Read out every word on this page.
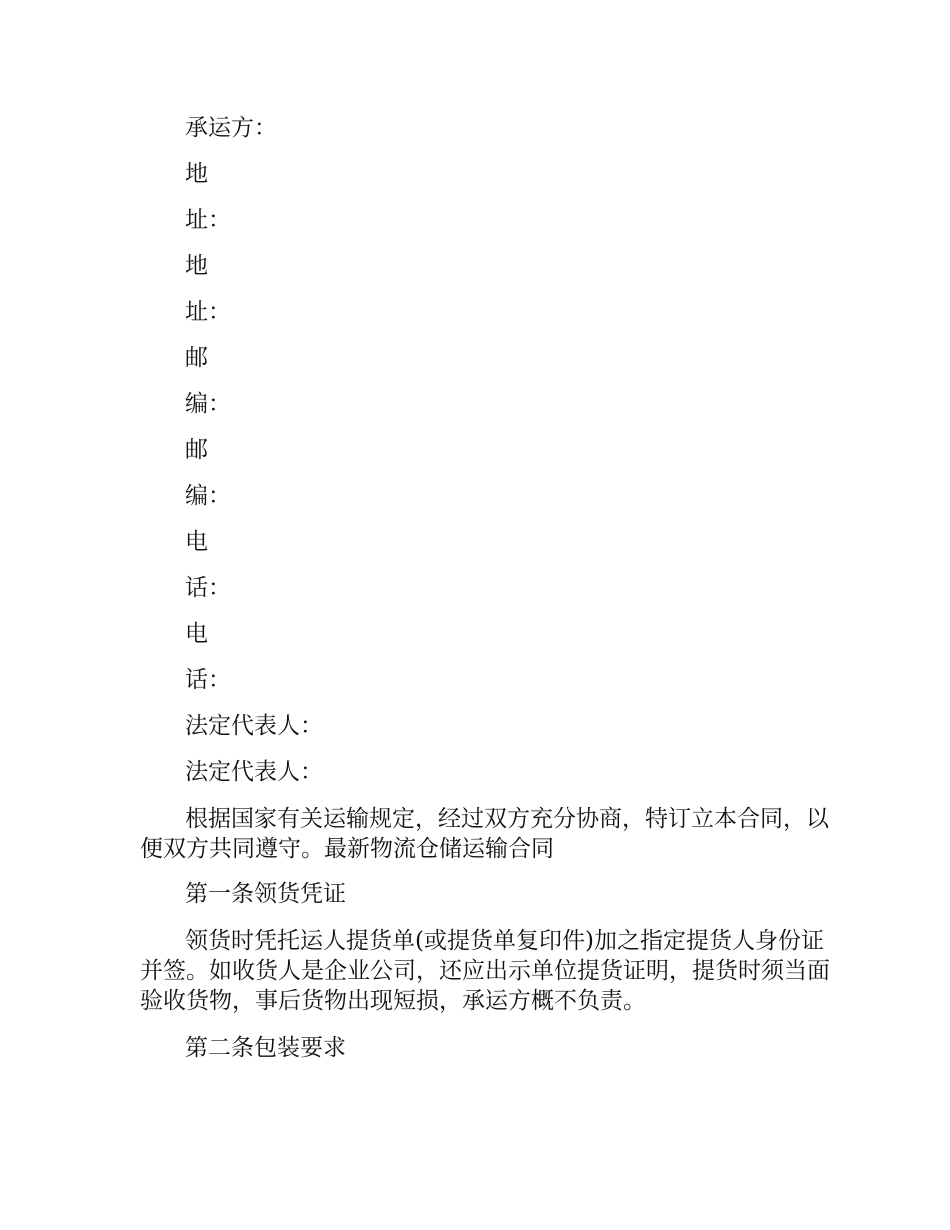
承运方：
地
址：
地
址：
邮
编：
邮
编：
电
话：
电
话：
法定代表人：
法定代表人：
根据国家有关运输规定，经过双方充分协商，特订立本合同，以便双方共同遵守。最新物流仓储运输合同
第一条领货凭证
领货时凭托运人提货单(或提货单复印件)加之指定提货人身份证并签。如收货人是企业公司，还应出示单位提货证明，提货时须当面验收货物，事后货物出现短损，承运方概不负责。
第二条包装要求
